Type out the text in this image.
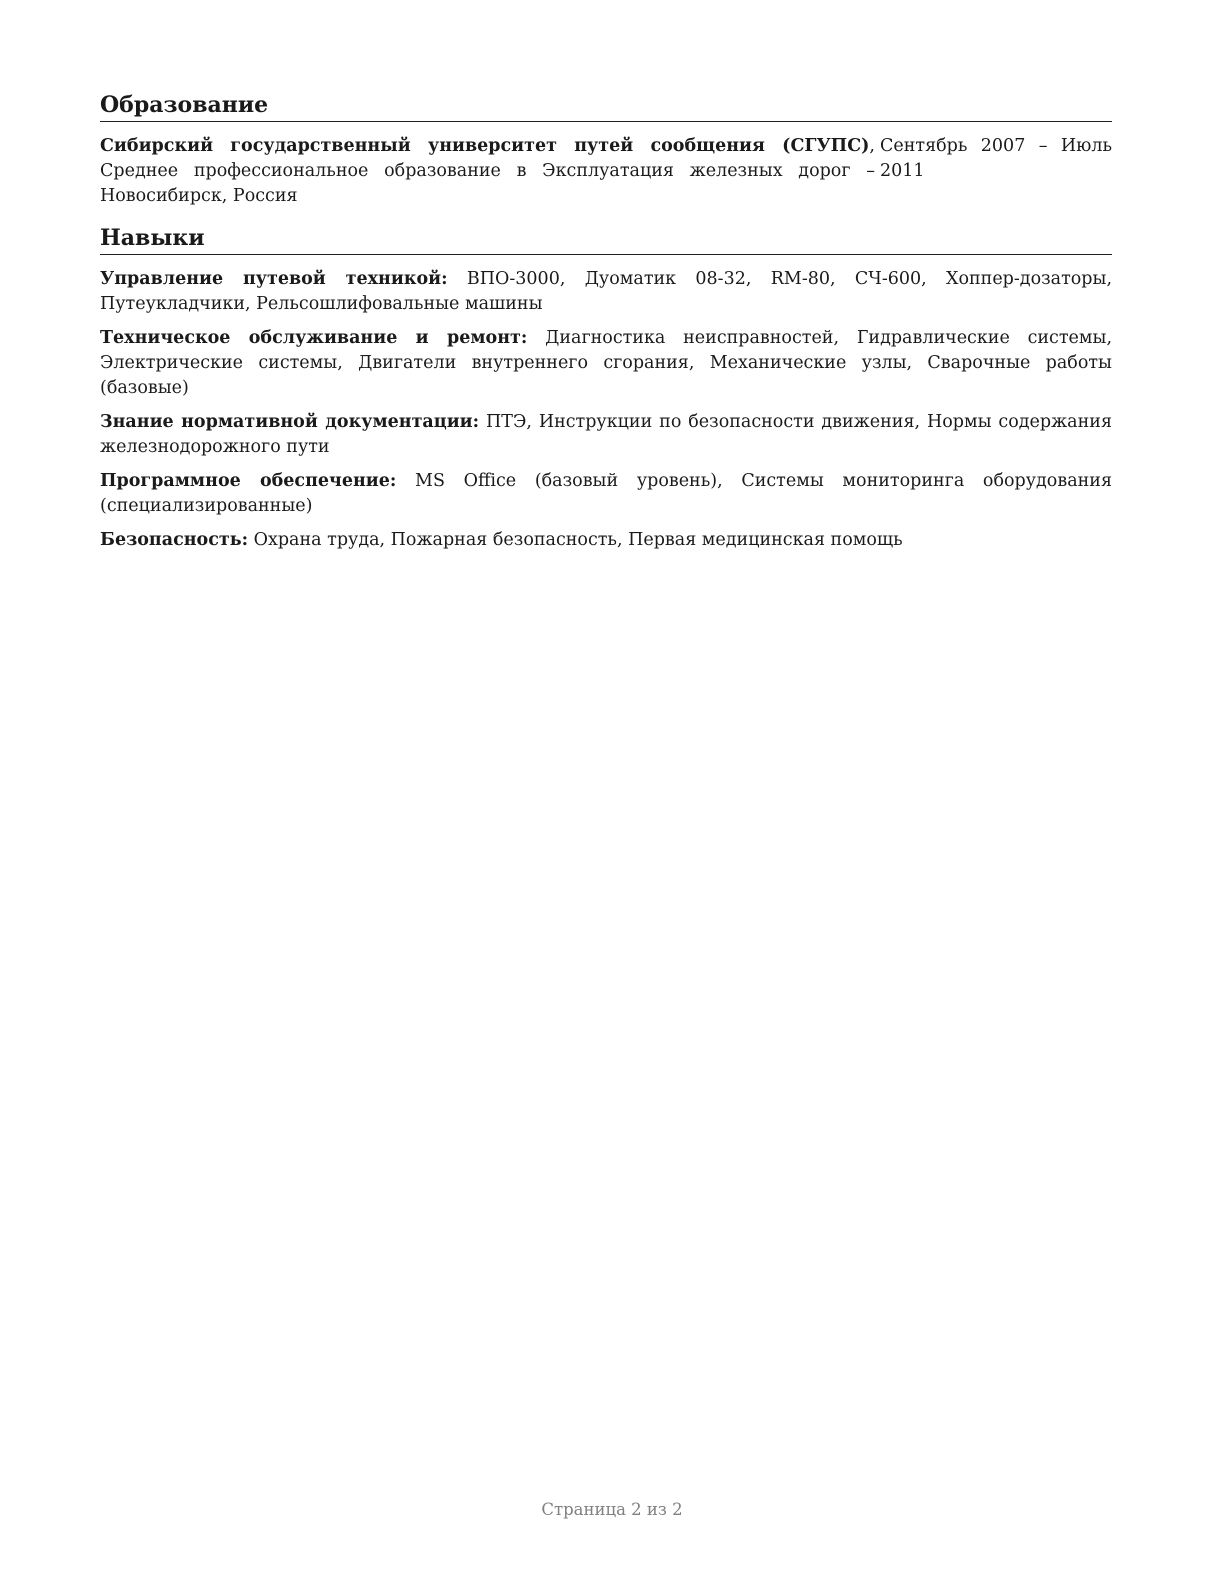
Образование
Сибирский государственный университет путей сообщения (СГУПС), Среднее профессиональное образование в Эксплуатация железных дорог – Новосибирск, Россия
Сентябрь 2007 – Июль 2011
Навыки

Управление путевой техникой: ВПО-3000, Дуоматик 08-32, RM-80, СЧ-600, Хоппер-дозаторы, Путеукладчики, Рельсошлифовальные машины

Техническое обслуживание и ремонт: Диагностика неисправностей, Гидравлические системы, Электрические системы, Двигатели внутреннего сгорания, Механические узлы, Сварочные работы (базовые)

Знание нормативной документации: ПТЭ, Инструкции по безопасности движения, Нормы содержания железнодорожного пути

Программное обеспечение: MS Office (базовый уровень), Системы мониторинга оборудования (специализированные)

Безопасность: Охрана труда, Пожарная безопасность, Первая медицинская помощь

Страница 2 из 2
